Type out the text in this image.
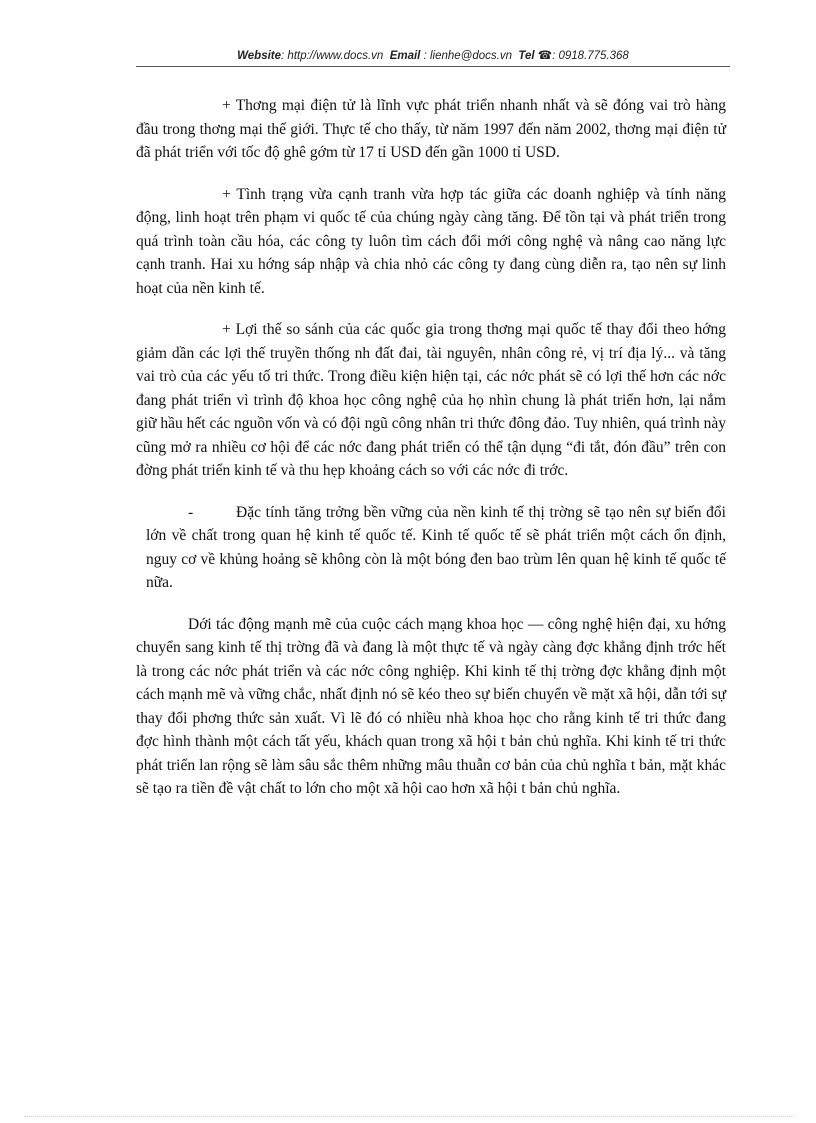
Website: http://www.docs.vn Email : lienhe@docs.vn Tel ☎: 0918.775.368

+ Thơng mại điện tử là lĩnh vực phát triển nhanh nhất và sẽ đóng vai trò hàng đầu trong thơng mại thế giới. Thực tế cho thấy, từ năm 1997 đến năm 2002, thơng mại điện tử đã phát triển với tốc độ ghê gớm từ 17 tỉ USD đến gần 1000 tỉ USD.

+ Tình trạng vừa cạnh tranh vừa hợp tác giữa các doanh nghiệp và tính năng động, linh hoạt trên phạm vi quốc tế của chúng ngày càng tăng. Để tồn tại và phát triển trong quá trình toàn cầu hóa, các công ty luôn tìm cách đổi mới công nghệ và nâng cao năng lực cạnh tranh. Hai xu hớng sáp nhập và chia nhỏ các công ty đang cùng diễn ra, tạo nên sự linh hoạt của nền kinh tế.

+ Lợi thế so sánh của các quốc gia trong thơng mại quốc tế thay đổi theo hớng giảm dần các lợi thế truyền thống nh đất đai, tài nguyên, nhân công rẻ, vị trí địa lý... và tăng vai trò của các yếu tố tri thức. Trong điều kiện hiện tại, các nớc phát sẽ có lợi thế hơn các nớc đang phát triển vì trình độ khoa học công nghệ của họ nhìn chung là phát triển hơn, lại nắm giữ hầu hết các nguồn vốn và có đội ngũ công nhân tri thức đông đảo. Tuy nhiên, quá trình này cũng mở ra nhiều cơ hội để các nớc đang phát triển có thể tận dụng “đi tắt, đón đầu” trên con đờng phát triển kinh tế và thu hẹp khoảng cách so với các nớc đi trớc.

-	Đặc tính tăng trởng bền vững của nền kinh tế thị trờng sẽ tạo nên sự biến đổi lớn về chất trong quan hệ kinh tế quốc tế. Kinh tế quốc tế sẽ phát triển một cách ổn định, nguy cơ về khủng hoảng sẽ không còn là một bóng đen bao trùm lên quan hệ kinh tế quốc tế nữa.

Dới tác động mạnh mẽ của cuộc cách mạng khoa học — công nghệ hiện đại, xu hớng chuyển sang kinh tế thị trờng đã và đang là một thực tế và ngày càng đợc khẳng định trớc hết là trong các nớc phát triển và các nớc công nghiệp. Khi kinh tế thị trờng đợc khẳng định một cách mạnh mẽ và vững chắc, nhất định nó sẽ kéo theo sự biến chuyển về mặt xã hội, dẫn tới sự thay đổi phơng thức sản xuất. Vì lẽ đó có nhiều nhà khoa học cho rằng kinh tế tri thức đang đợc hình thành một cách tất yếu, khách quan trong xã hội t bản chủ nghĩa. Khi kinh tế tri thức phát triển lan rộng sẽ làm sâu sắc thêm những mâu thuẫn cơ bản của chủ nghĩa t bản, mặt khác sẽ tạo ra tiền đề vật chất to lớn cho một xã hội cao hơn xã hội t bản chủ nghĩa.
